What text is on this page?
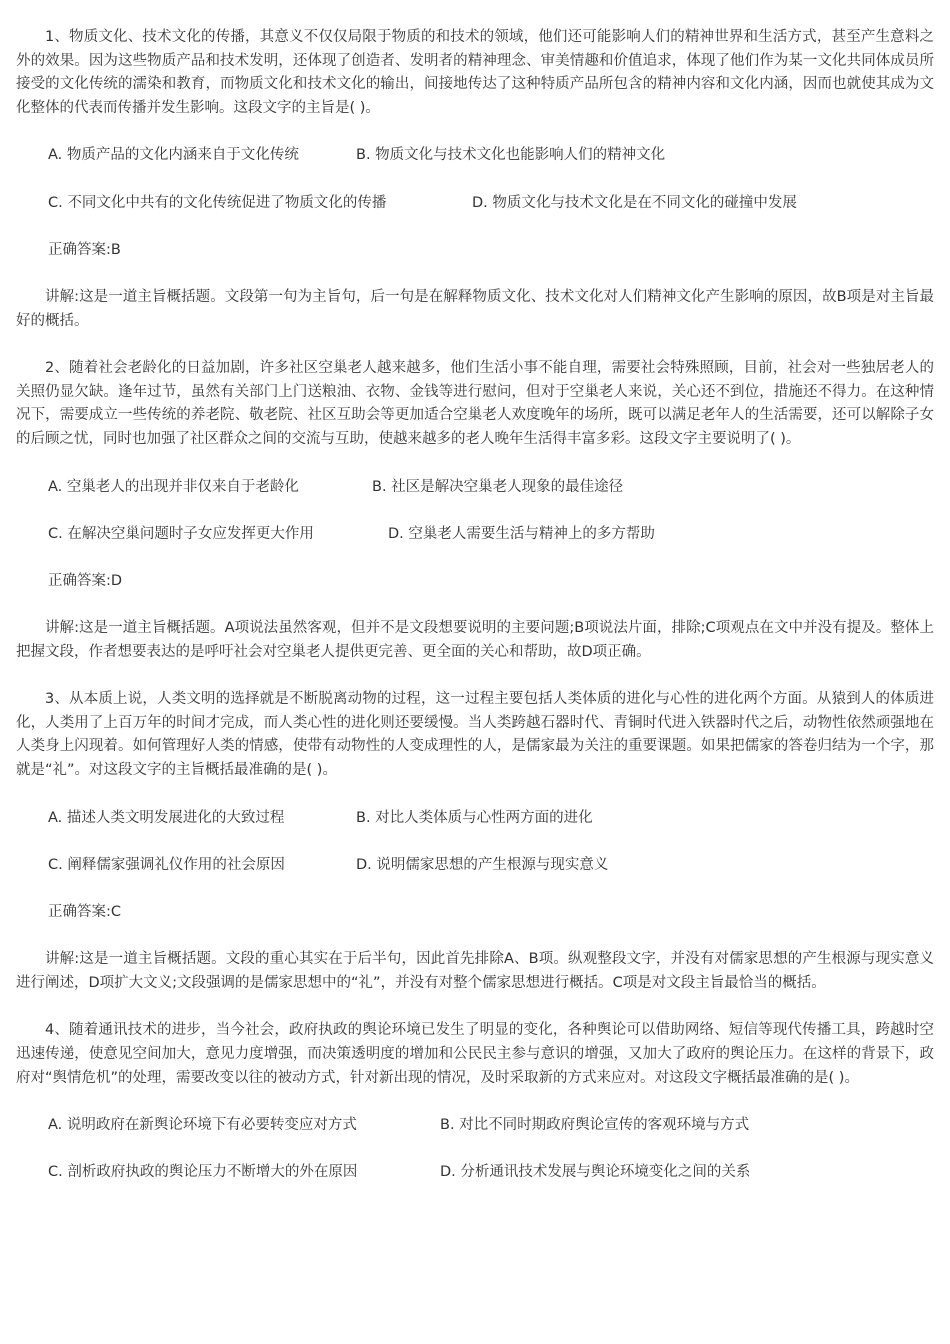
1、物质文化、技术文化的传播，其意义不仅仅局限于物质的和技术的领域，他们还可能影响人们的精神世界和生活方式，甚至产生意料之外的效果。因为这些物质产品和技术发明，还体现了创造者、发明者的精神理念、审美情趣和价值追求，体现了他们作为某一文化共同体成员所接受的文化传统的濡染和教育，而物质文化和技术文化的输出，间接地传达了这种特质产品所包含的精神内容和文化内涵，因而也就使其成为文化整体的代表而传播并发生影响。这段文字的主旨是( )。

A. 物质产品的文化内涵来自于文化传统	B. 物质文化与技术文化也能影响人们的精神文化
C. 不同文化中共有的文化传统促进了物质文化的传播	D. 物质文化与技术文化是在不同文化的碰撞中发展
正确答案:B

讲解:这是一道主旨概括题。文段第一句为主旨句，后一句是在解释物质文化、技术文化对人们精神文化产生影响的原因，故B项是对主旨最好的概括。

2、随着社会老龄化的日益加剧，许多社区空巢老人越来越多，他们生活小事不能自理，需要社会特殊照顾，目前，社会对一些独居老人的关照仍显欠缺。逢年过节，虽然有关部门上门送粮油、衣物、金钱等进行慰问，但对于空巢老人来说，关心还不到位，措施还不得力。在这种情况下，需要成立一些传统的养老院、敬老院、社区互助会等更加适合空巢老人欢度晚年的场所，既可以满足老年人的生活需要，还可以解除子女的后顾之忧，同时也加强了社区群众之间的交流与互助，使越来越多的老人晚年生活得丰富多彩。这段文字主要说明了( )。

A. 空巢老人的出现并非仅来自于老龄化	B. 社区是解决空巢老人现象的最佳途径
C. 在解决空巢问题时子女应发挥更大作用	D. 空巢老人需要生活与精神上的多方帮助
正确答案:D

讲解:这是一道主旨概括题。A项说法虽然客观，但并不是文段想要说明的主要问题;B项说法片面，排除;C项观点在文中并没有提及。整体上把握文段，作者想要表达的是呼吁社会对空巢老人提供更完善、更全面的关心和帮助，故D项正确。

3、从本质上说，人类文明的选择就是不断脱离动物的过程，这一过程主要包括人类体质的进化与心性的进化两个方面。从猿到人的体质进化，人类用了上百万年的时间才完成，而人类心性的进化则还要缓慢。当人类跨越石器时代、青铜时代进入铁器时代之后，动物性依然顽强地在人类身上闪现着。如何管理好人类的情感，使带有动物性的人变成理性的人，是儒家最为关注的重要课题。如果把儒家的答卷归结为一个字，那就是“礼”。对这段文字的主旨概括最准确的是( )。

A. 描述人类文明发展进化的大致过程	B. 对比人类体质与心性两方面的进化
C. 阐释儒家强调礼仪作用的社会原因	D. 说明儒家思想的产生根源与现实意义
正确答案:C

讲解:这是一道主旨概括题。文段的重心其实在于后半句，因此首先排除A、B项。纵观整段文字，并没有对儒家思想的产生根源与现实意义进行阐述，D项扩大文义;文段强调的是儒家思想中的“礼”，并没有对整个儒家思想进行概括。C项是对文段主旨最恰当的概括。

4、随着通讯技术的进步，当今社会，政府执政的舆论环境已发生了明显的变化，各种舆论可以借助网络、短信等现代传播工具，跨越时空迅速传递，使意见空间加大，意见力度增强，而决策透明度的增加和公民民主参与意识的增强，又加大了政府的舆论压力。在这样的背景下，政府对“舆情危机”的处理，需要改变以往的被动方式，针对新出现的情况，及时采取新的方式来应对。对这段文字概括最准确的是( )。

A. 说明政府在新舆论环境下有必要转变应对方式	B. 对比不同时期政府舆论宣传的客观环境与方式
C. 剖析政府执政的舆论压力不断增大的外在原因	D. 分析通讯技术发展与舆论环境变化之间的关系
